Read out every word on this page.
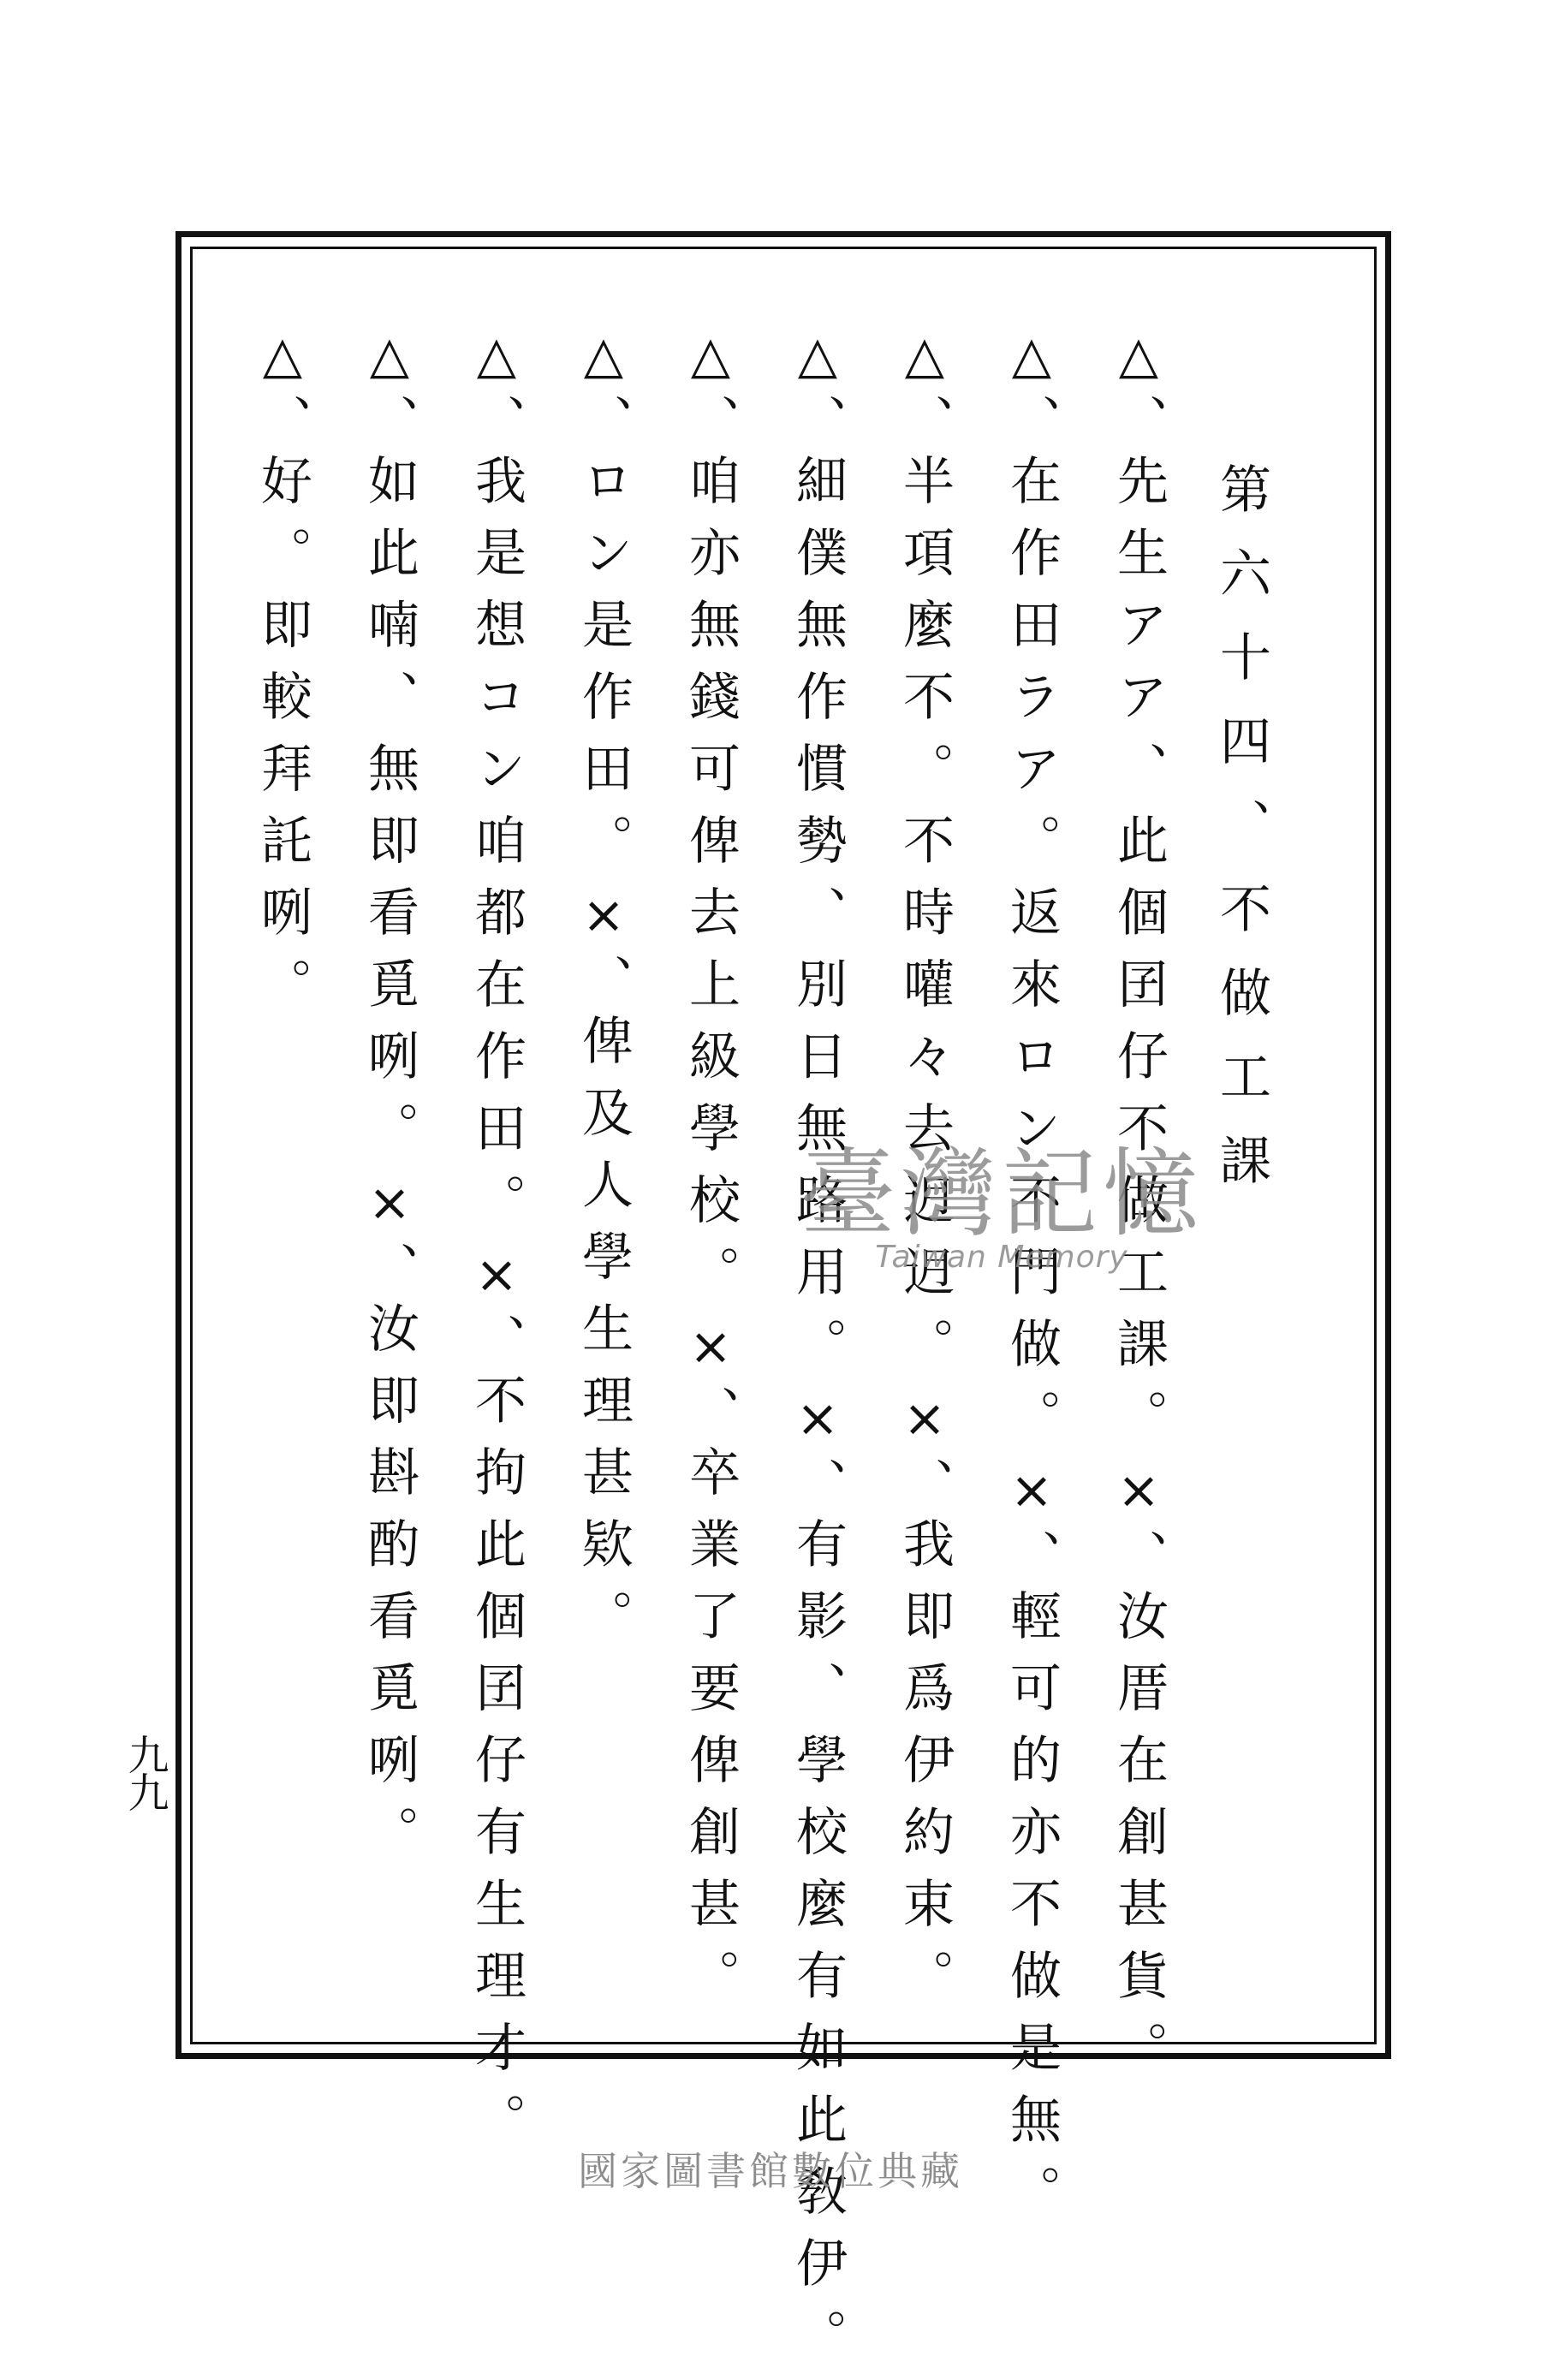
第六十四、不做工課
△、先生アア、此個囝仔不做工課。×、汝厝在創甚貨。
△、在作田ラア。返來ロン不門做。×、輕可的亦不做是無。
△、半項麼不。不時嚾々去迌迌。×、我即爲伊約束。
△、細僕無作慣勢、別日無路用。×、有影、學校麼有如此敎伊。
△、咱亦無錢可俾去上級學校。×、卒業了要俾創甚。
△、ロン是作田。×、俾及人學生理甚欵。
△、我是想コン咱都在作田。×、不拘此個囝仔有生理才。
△、如此喃、無即看覓咧。×、汝即斟酌看覓咧。
△、好。即較拜託咧。
九九
臺灣記憶
Taiwan Memory
國家圖書館數位典藏
